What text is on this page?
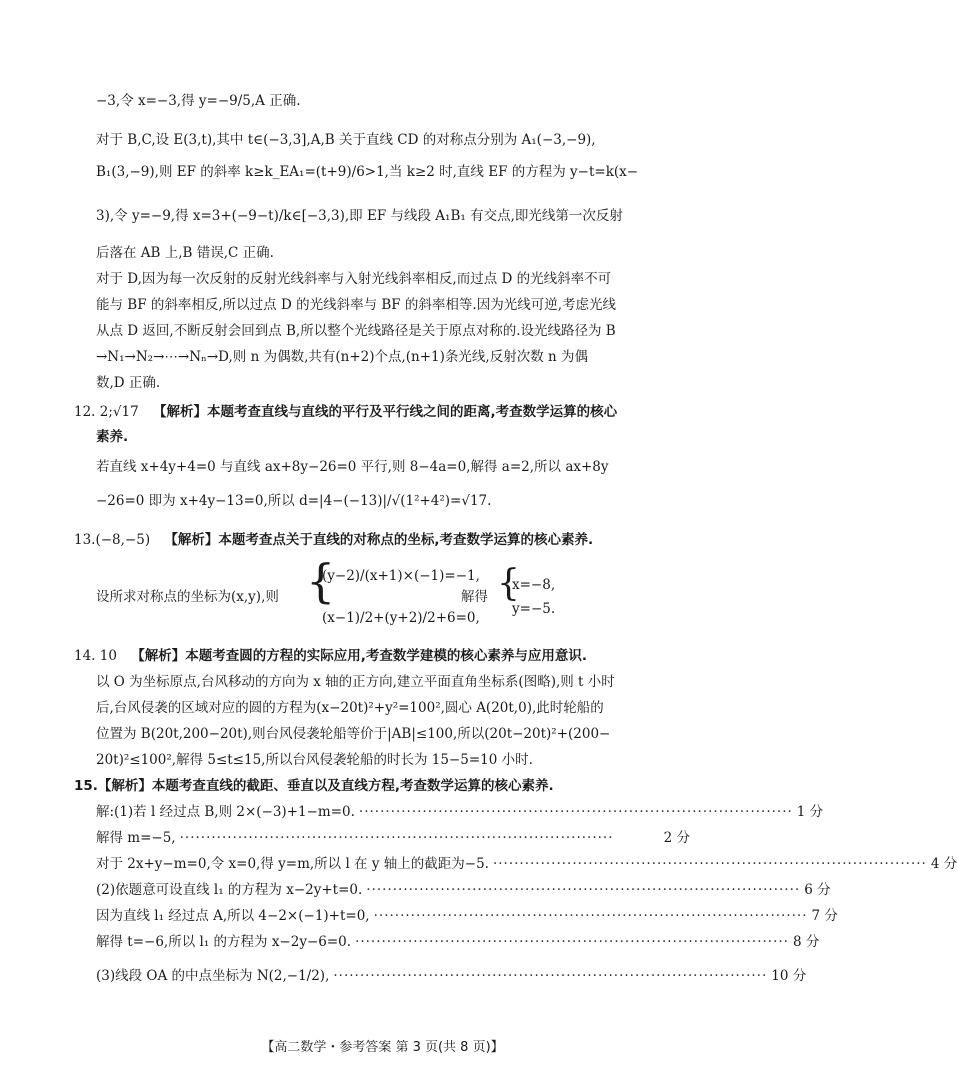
−3,令 x=−3,得 y=−9/5,A 正确.
对于 B,C,设 E(3,t),其中 t∈(−3,3],A,B 关于直线 CD 的对称点分别为 A₁(−3,−9),
B₁(3,−9),则 EF 的斜率 k≥k_EA₁=(t+9)/6>1,当 k≥2 时,直线 EF 的方程为 y−t=k(x−
3),令 y=−9,得 x=3+(−9−t)/k∈[−3,3),即 EF 与线段 A₁B₁ 有交点,即光线第一次反射
后落在 AB 上,B 错误,C 正确.
对于 D,因为每一次反射的反射光线斜率与入射光线斜率相反,而过点 D 的光线斜率不可
能与 BF 的斜率相反,所以过点 D 的光线斜率与 BF 的斜率相等.因为光线可逆,考虑光线
从点 D 返回,不断反射会回到点 B,所以整个光线路径是关于原点对称的.设光线路径为 B
→N₁→N₂→⋯→Nₙ→D,则 n 为偶数,共有(n+2)个点,(n+1)条光线,反射次数 n 为偶
数,D 正确.
12. 2;√17 【解析】本题考查直线与直线的平行及平行线之间的距离,考查数学运算的核心
素养.
若直线 x+4y+4=0 与直线 ax+8y−26=0 平行,则 8−4a=0,解得 a=2,所以 ax+8y
−26=0 即为 x+4y−13=0,所以 d=|4−(−13)|/√(1²+4²)=√17.
13.(−8,−5) 【解析】本题考查点关于直线的对称点的坐标,考查数学运算的核心素养.
设所求对称点的坐标为(x,y),则 {
(y−2)/(x+1)×(−1)=−1,
(x−1)/2+(y+2)/2+6=0,
解得 {
x=−8,
y=−5.
14. 10 【解析】本题考查圆的方程的实际应用,考查数学建模的核心素养与应用意识.
以 O 为坐标原点,台风移动的方向为 x 轴的正方向,建立平面直角坐标系(图略),则 t 小时
后,台风侵袭的区域对应的圆的方程为(x−20t)²+y²=100²,圆心 A(20t,0),此时轮船的
位置为 B(20t,200−20t),则台风侵袭轮船等价于|AB|≤100,所以(20t−20t)²+(200−
20t)²≤100²,解得 5≤t≤15,所以台风侵袭轮船的时长为 15−5=10 小时.
15.【解析】本题考查直线的截距、垂直以及直线方程,考查数学运算的核心素养.
解:(1)若 l 经过点 B,则 2×(−3)+1−m=0. ·················································································· 1 分
解得 m=−5, ··················································································	2 分
对于 2x+y−m=0,令 x=0,得 y=m,所以 l 在 y 轴上的截距为−5. ·················································································· 4 分
(2)依题意可设直线 l₁ 的方程为 x−2y+t=0. ·················································································· 6 分
因为直线 l₁ 经过点 A,所以 4−2×(−1)+t=0, ·················································································· 7 分
解得 t=−6,所以 l₁ 的方程为 x−2y−6=0. ·················································································· 8 分
(3)线段 OA 的中点坐标为 N(2,−1/2), ·················································································· 10 分
【高二数学・参考答案 第 3 页(共 8 页)】
